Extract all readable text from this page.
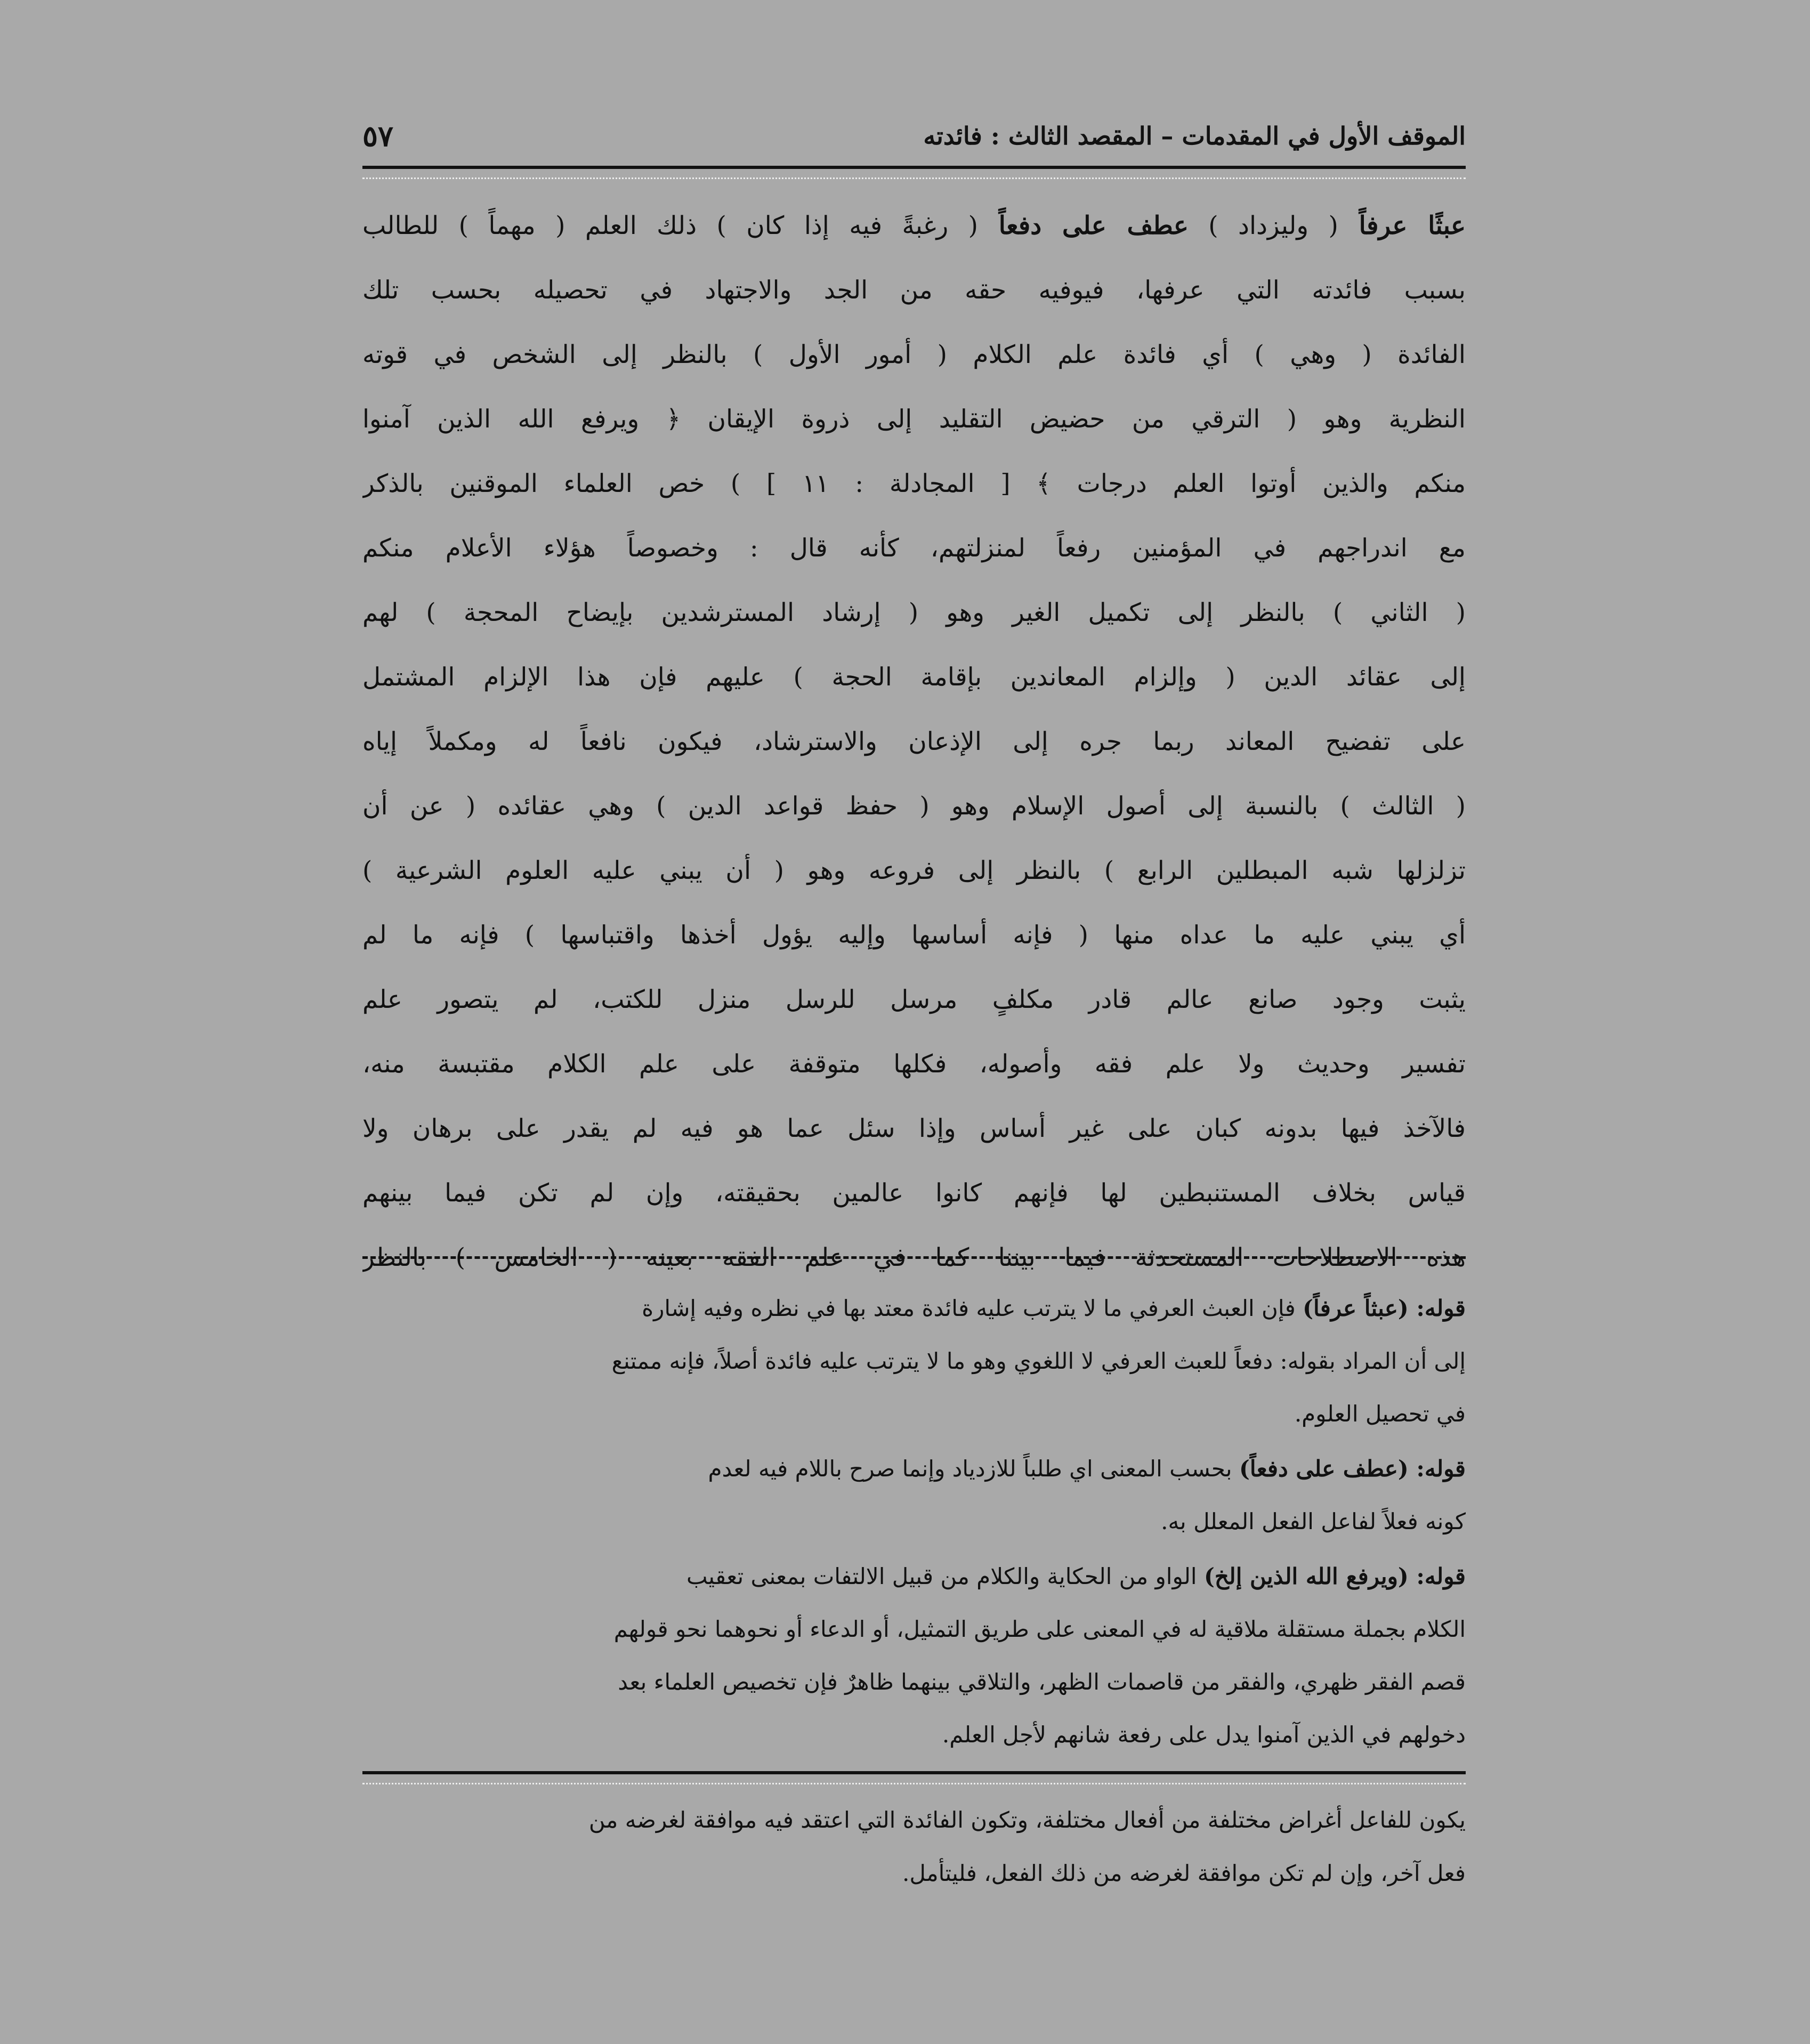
الموقف الأول في المقدمات – المقصد الثالث : فائدته
٥٧
عبثًا عرفاً ( وليزداد ) عطف على دفعاً ( رغبةً فيه إذا كان ) ذلك العلم ( مهماً ) للطالب
بسبب فائدته التي عرفها، فيوفيه حقه من الجد والاجتهاد في تحصيله بحسب تلك
الفائدة ( وهي ) أي فائدة علم الكلام ( أمور الأول ) بالنظر إلى الشخص في قوته
النظرية وهو ( الترقي من حضيض التقليد إلى ذروة الإيقان ﴿ ويرفع الله الذين آمنوا
منكم والذين أوتوا العلم درجات ﴾ [ المجادلة : ١١ ] ) خص العلماء الموقنين بالذكر
مع اندراجهم في المؤمنين رفعاً لمنزلتهم، كأنه قال : وخصوصاً هؤلاء الأعلام منكم
( الثاني ) بالنظر إلى تكميل الغير وهو ( إرشاد المسترشدين بإيضاح المحجة ) لهم
إلى عقائد الدين ( وإلزام المعاندين بإقامة الحجة ) عليهم فإن هذا الإلزام المشتمل
على تفضيح المعاند ربما جره إلى الإذعان والاسترشاد، فيكون نافعاً له ومكملاً إياه
( الثالث ) بالنسبة إلى أصول الإسلام وهو ( حفظ قواعد الدين ) وهي عقائده ( عن أن
تزلزلها شبه المبطلين الرابع ) بالنظر إلى فروعه وهو ( أن يبني عليه العلوم الشرعية )
أي يبني عليه ما عداه منها ( فإنه أساسها وإليه يؤول أخذها واقتباسها ) فإنه ما لم
يثبت وجود صانع عالم قادر مكلفٍ مرسل للرسل منزل للكتب، لم يتصور علم
تفسير وحديث ولا علم فقه وأصوله، فكلها متوقفة على علم الكلام مقتبسة منه،
فالآخذ فيها بدونه كبان على غير أساس وإذا سئل عما هو فيه لم يقدر على برهان ولا
قياس بخلاف المستنبطين لها فإنهم كانوا عالمين بحقيقته، وإن لم تكن فيما بينهم
هذه الاصطلاحات المستحدثة فيما بيننا كما في علم الفقه بعينه ( الخامس ) بالنظر
قوله: (عبثاً عرفاً) فإن العبث العرفي ما لا يترتب عليه فائدة معتد بها في نظره وفيه إشارة
إلى أن المراد بقوله: دفعاً للعبث العرفي لا اللغوي وهو ما لا يترتب عليه فائدة أصلاً، فإنه ممتنع
في تحصيل العلوم.
قوله: (عطف على دفعاً) بحسب المعنى اي طلباً للازدياد وإنما صرح باللام فيه لعدم
كونه فعلاً لفاعل الفعل المعلل به.
قوله: (ويرفع الله الذين إلخ) الواو من الحكاية والكلام من قبيل الالتفات بمعنى تعقيب
الكلام بجملة مستقلة ملاقية له في المعنى على طريق التمثيل، أو الدعاء أو نحوهما نحو قولهم
قصم الفقر ظهري، والفقر من قاصمات الظهر، والتلاقي بينهما ظاهرٌ فإن تخصيص العلماء بعد
دخولهم في الذين آمنوا يدل على رفعة شانهم لأجل العلم.
يكون للفاعل أغراض مختلفة من أفعال مختلفة، وتكون الفائدة التي اعتقد فيه موافقة لغرضه من
فعل آخر، وإن لم تكن موافقة لغرضه من ذلك الفعل، فليتأمل.
